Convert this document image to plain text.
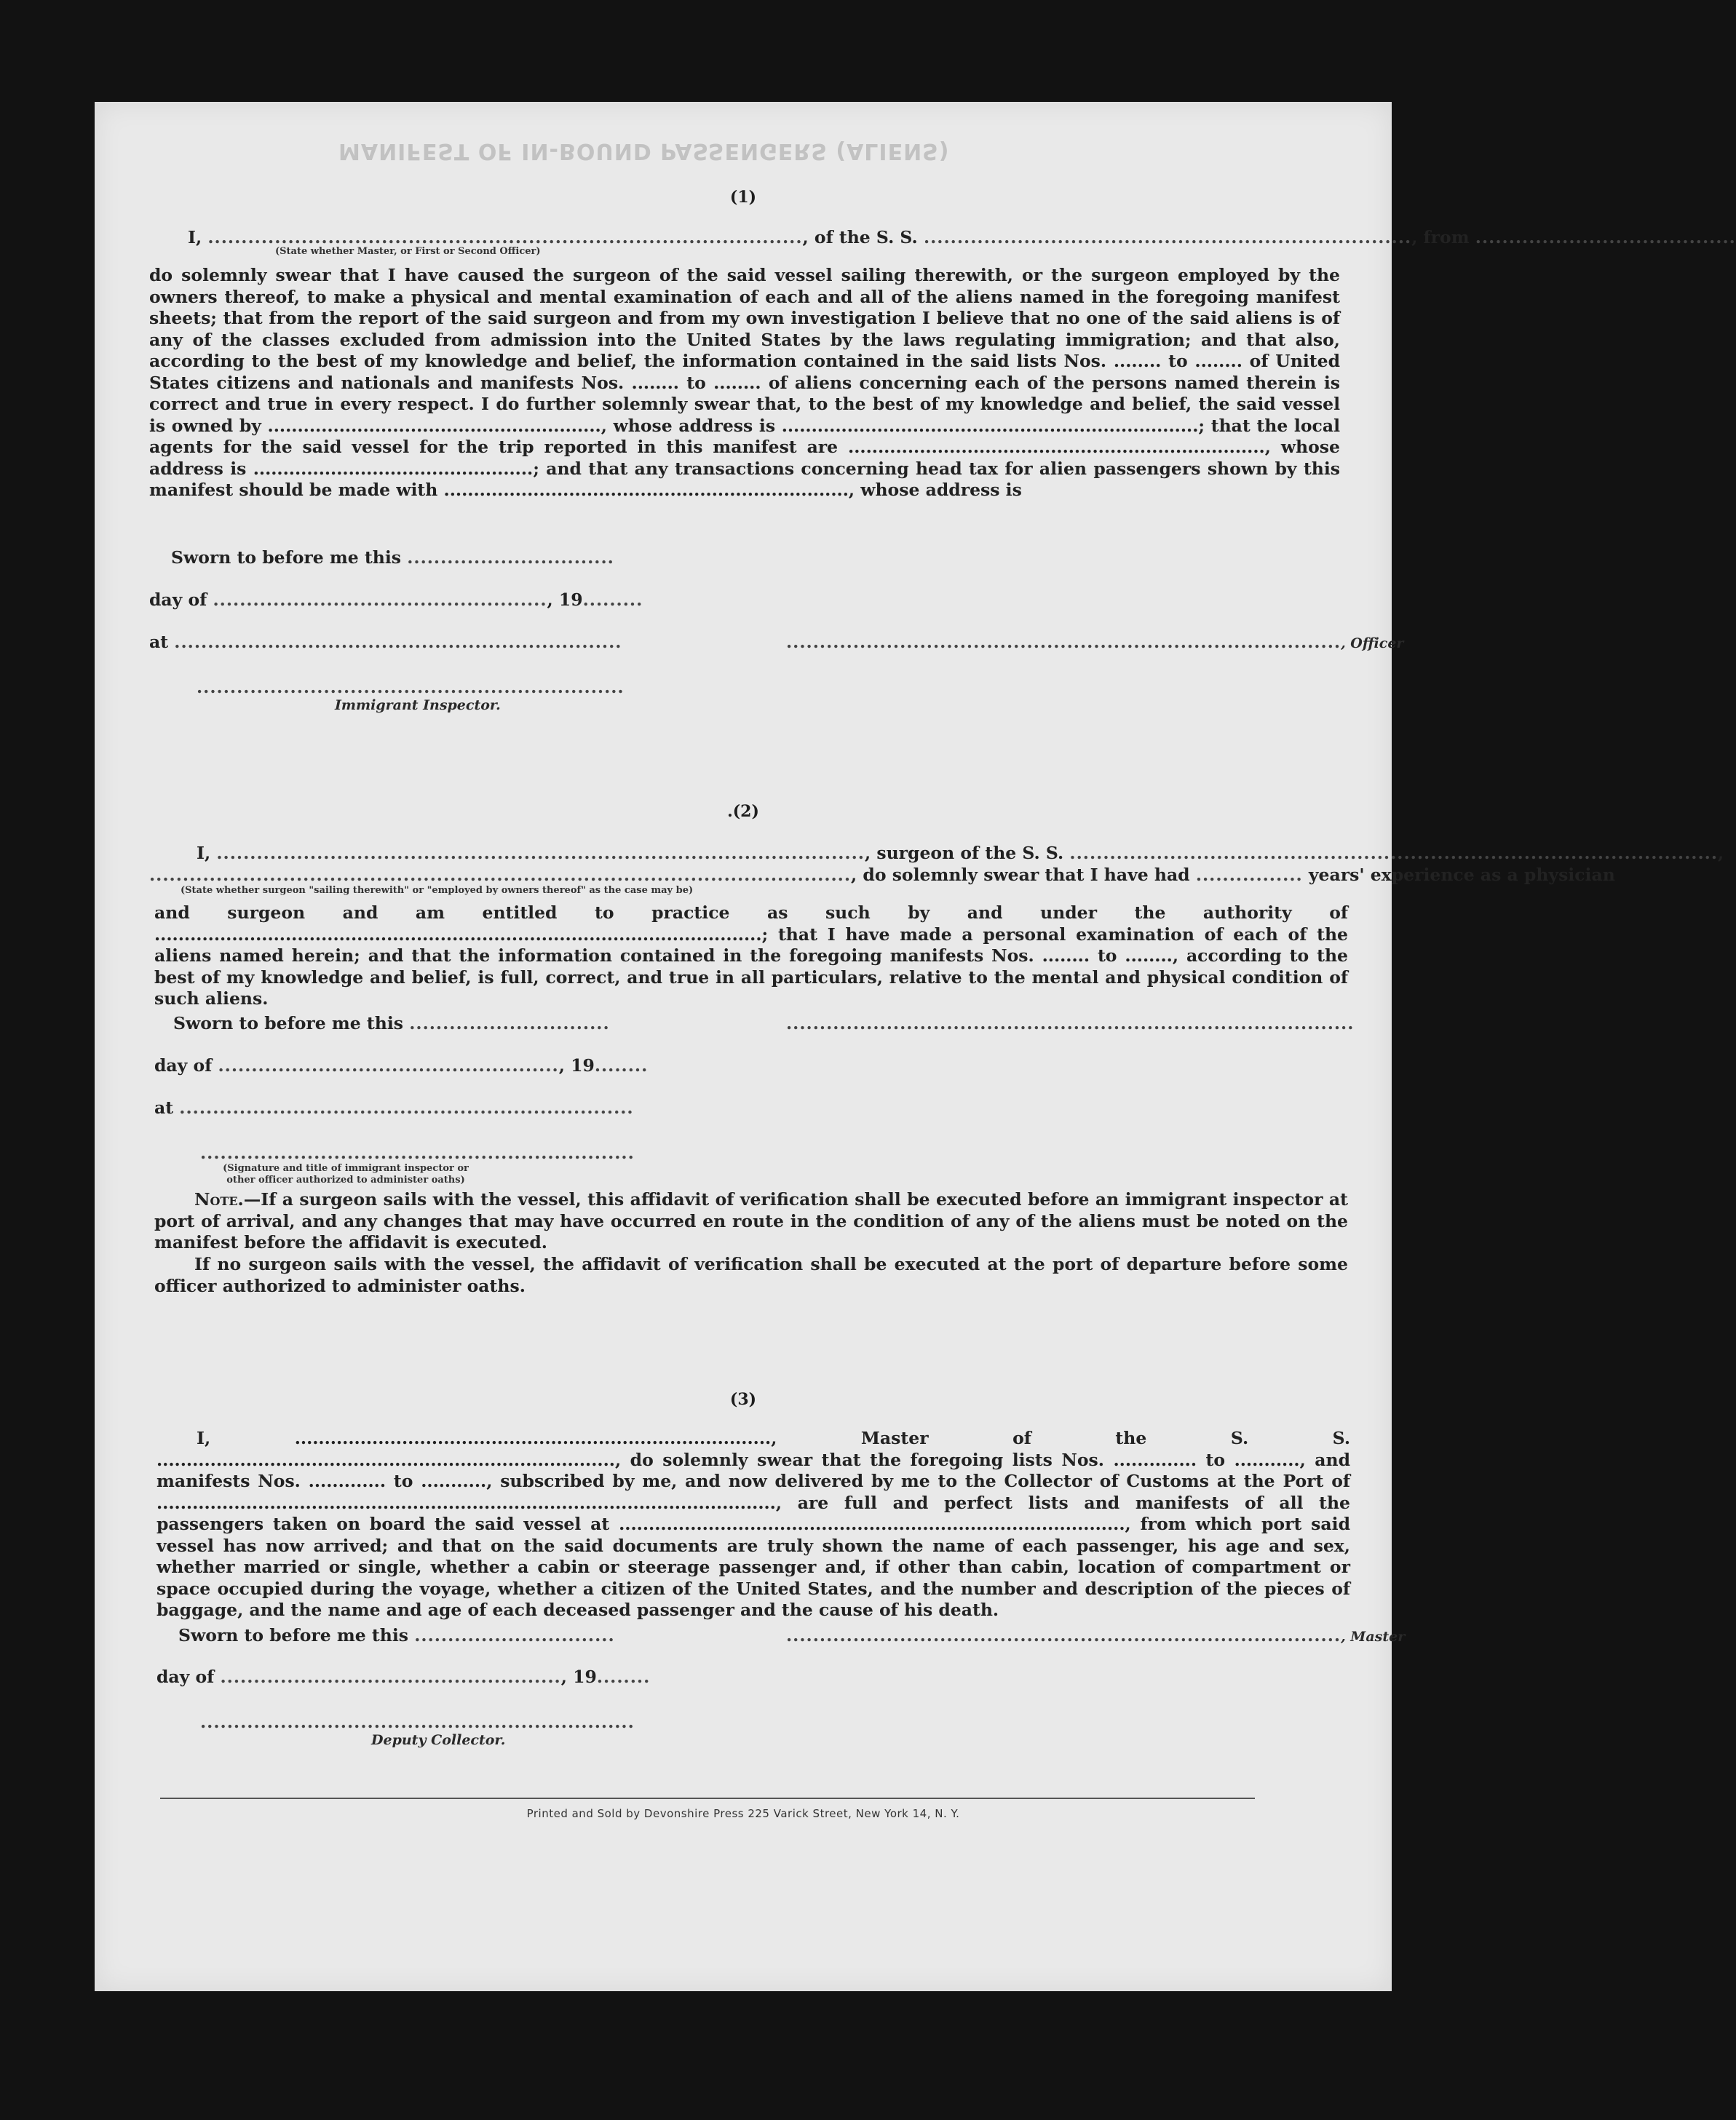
MANIFEST OF IN-BOUND PASSENGERS (ALIENS)
(1)
I, ........................................................................................., of the S. S. ........................................................................., from .......................................
(State whether Master, or First or Second Officer)
do solemnly swear that I have caused the surgeon of the said vessel sailing therewith, or the surgeon employed by the owners thereof, to make a physical and mental examination of each and all of the aliens named in the foregoing manifest sheets; that from the report of the said surgeon and from my own investigation I believe that no one of the said aliens is of any of the classes excluded from admission into the United States by the laws regulating immigration; and that also, according to the best of my knowledge and belief, the information contained in the said lists Nos. ........ to ........ of United States citizens and nationals and manifests Nos. ........ to ........ of aliens concerning each of the persons named therein is correct and true in every respect. I do further solemnly swear that, to the best of my knowledge and belief, the said vessel is owned by ........................................................, whose address is ......................................................................; that the local agents for the said vessel for the trip reported in this manifest are ......................................................................, whose address is ...............................................; and that any transactions concerning head tax for alien passengers shown by this manifest should be made with ...................................................................., whose address is
Sworn to before me this ...............................
day of .................................................., 19.........
at ...................................................................	..................................................................................., Officer
................................................................
Immigrant Inspector.
.(2)
I, ................................................................................................., surgeon of the S. S. .................................................................................................,
........................................................................................................., do solemnly swear that I have had ................ years' experience as a physician
(State whether surgeon "sailing therewith" or "employed by owners thereof" as the case may be)
and surgeon and am entitled to practice as such by and under the authority of ......................................................................................................; that I have made a personal examination of each of the aliens named herein; and that the information contained in the foregoing manifests Nos. ........ to ........, according to the best of my knowledge and belief, is full, correct, and true in all particulars, relative to the mental and physical condition of such aliens.
Sworn to before me this ..............................	.....................................................................................
day of ..................................................., 19........
at ....................................................................
.................................................................
(Signature and title of immigrant inspector or
other officer authorized to administer oaths)
Note.—If a surgeon sails with the vessel, this affidavit of verification shall be executed before an immigrant inspector at port of arrival, and any changes that may have occurred en route in the condition of any of the aliens must be noted on the manifest before the affidavit is executed.
If no surgeon sails with the vessel, the affidavit of verification shall be executed at the port of departure before some officer authorized to administer oaths.
(3)
I, ................................................................................, Master of the S. S. ............................................................................., do solemnly swear that the foregoing lists Nos. .............. to ..........., and manifests Nos. ............. to ..........., subscribed by me, and now delivered by me to the Collector of Customs at the Port of ........................................................................................................, are full and perfect lists and manifests of all the passengers taken on board the said vessel at ....................................................................................., from which port said vessel has now arrived; and that on the said documents are truly shown the name of each passenger, his age and sex, whether married or single, whether a cabin or steerage passenger and, if other than cabin, location of compartment or space occupied during the voyage, whether a citizen of the United States, and the number and description of the pieces of baggage, and the name and age of each deceased passenger and the cause of his death.
Sworn to before me this ..............................	..................................................................................., Master
day of ..................................................., 19........
.................................................................
Deputy Collector.
Printed and Sold by Devonshire Press 225 Varick Street, New York 14, N. Y.
